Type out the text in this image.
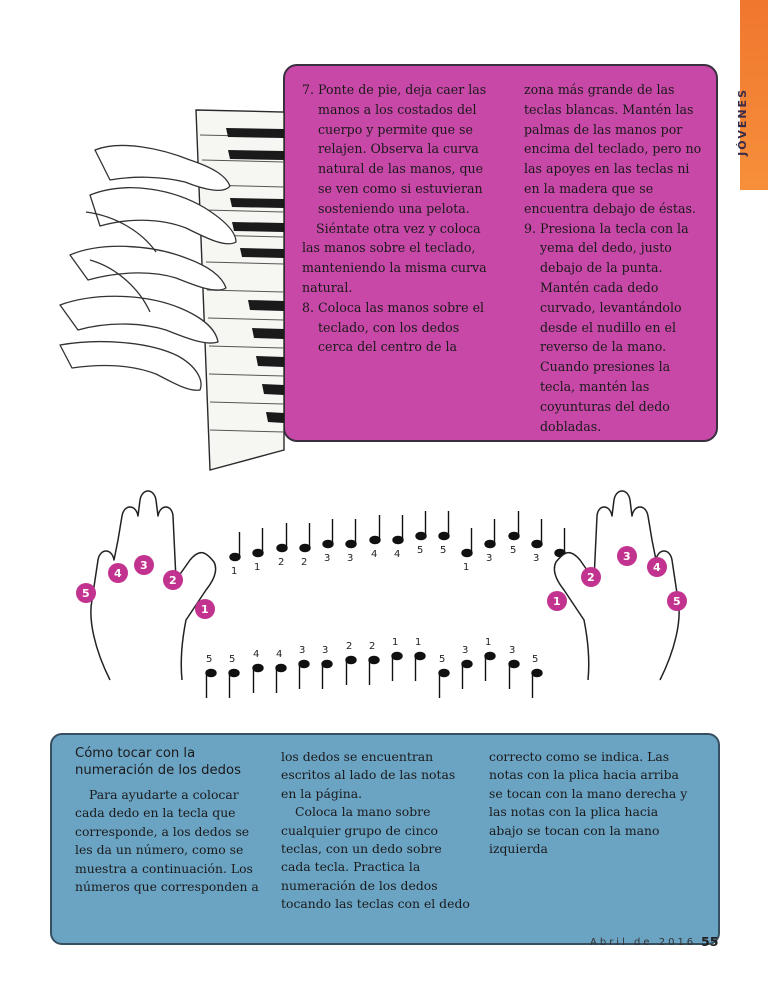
JÓVENES
1 1 2 2 3 3 4 4 5 5
1
3
5
3
5 5 4 4 3 3 2 2 1 1
5
3
1
3
5
1
2
3
4
5
1
2
3
4
5

7. Ponte de pie, deja caer las manos a los costados del cuerpo y permite que se relajen. Observa la curva natural de las manos, que se ven como si estuvieran sosteniendo una pelota.

Siéntate otra vez y coloca las manos sobre el teclado, manteniendo la misma curva natural.

8. Coloca las manos sobre el teclado, con los dedos cerca del centro de la

zona más grande de las teclas blancas. Mantén las palmas de las manos por encima del teclado, pero no las apoyes en las teclas ni en la madera que se encuentra debajo de éstas.

9. Presiona la tecla con la yema del dedo, justo debajo de la punta. Mantén cada dedo curvado, levantándolo desde el nudillo en el reverso de la mano. Cuando presiones la tecla, mantén las coyunturas del dedo dobladas.

Cómo tocar con la numeración de los dedos

Para ayudarte a colocar cada dedo en la tecla que corresponde, a los dedos se les da un número, como se muestra a continuación. Los números que corresponden a

los dedos se encuentran escritos al lado de las notas en la página.

Coloca la mano sobre cualquier grupo de cinco teclas, con un dedo sobre cada tecla. Practica la numeración de los dedos tocando las teclas con el dedo

correcto como se indica. Las notas con la plica hacia arriba se tocan con la mano derecha y las notas con la plica hacia abajo se tocan con la mano izquierda

Abril de 2016 55
